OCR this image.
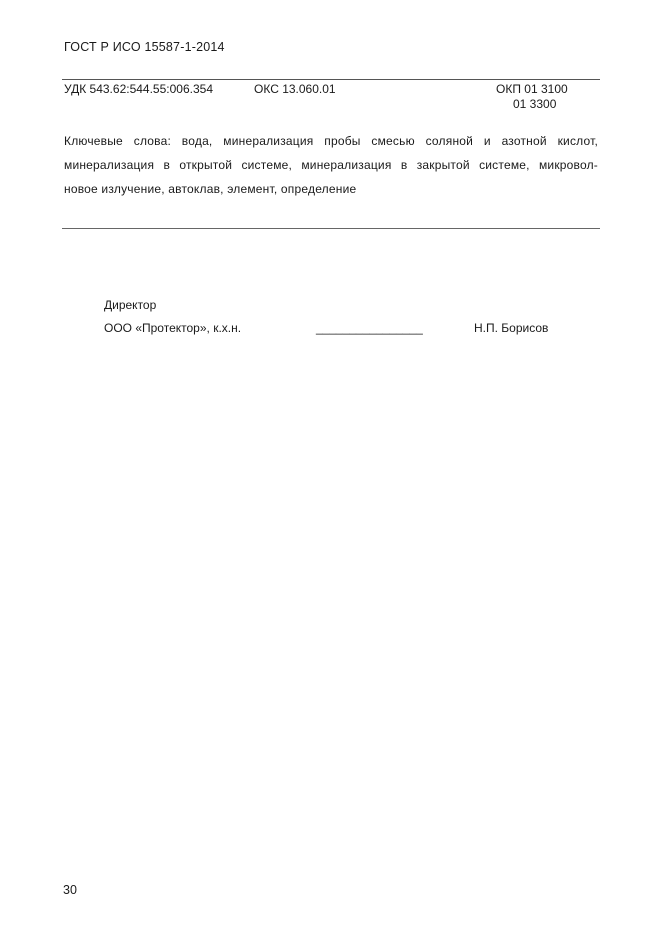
ГОСТ Р ИСО 15587-1-2014
УДК 543.62:544.55:006.354	ОКС 13.060.01	ОКП 01 3100
01 3300
Ключевые слова: вода, минерализация пробы смесью соляной и азотной кислот,
минерализация в открытой системе, минерализация в закрытой системе, микровол-
новое излучение, автоклав, элемент, определение
Директор
ООО «Протектор», к.х.н.	________________	Н.П. Борисов
30
